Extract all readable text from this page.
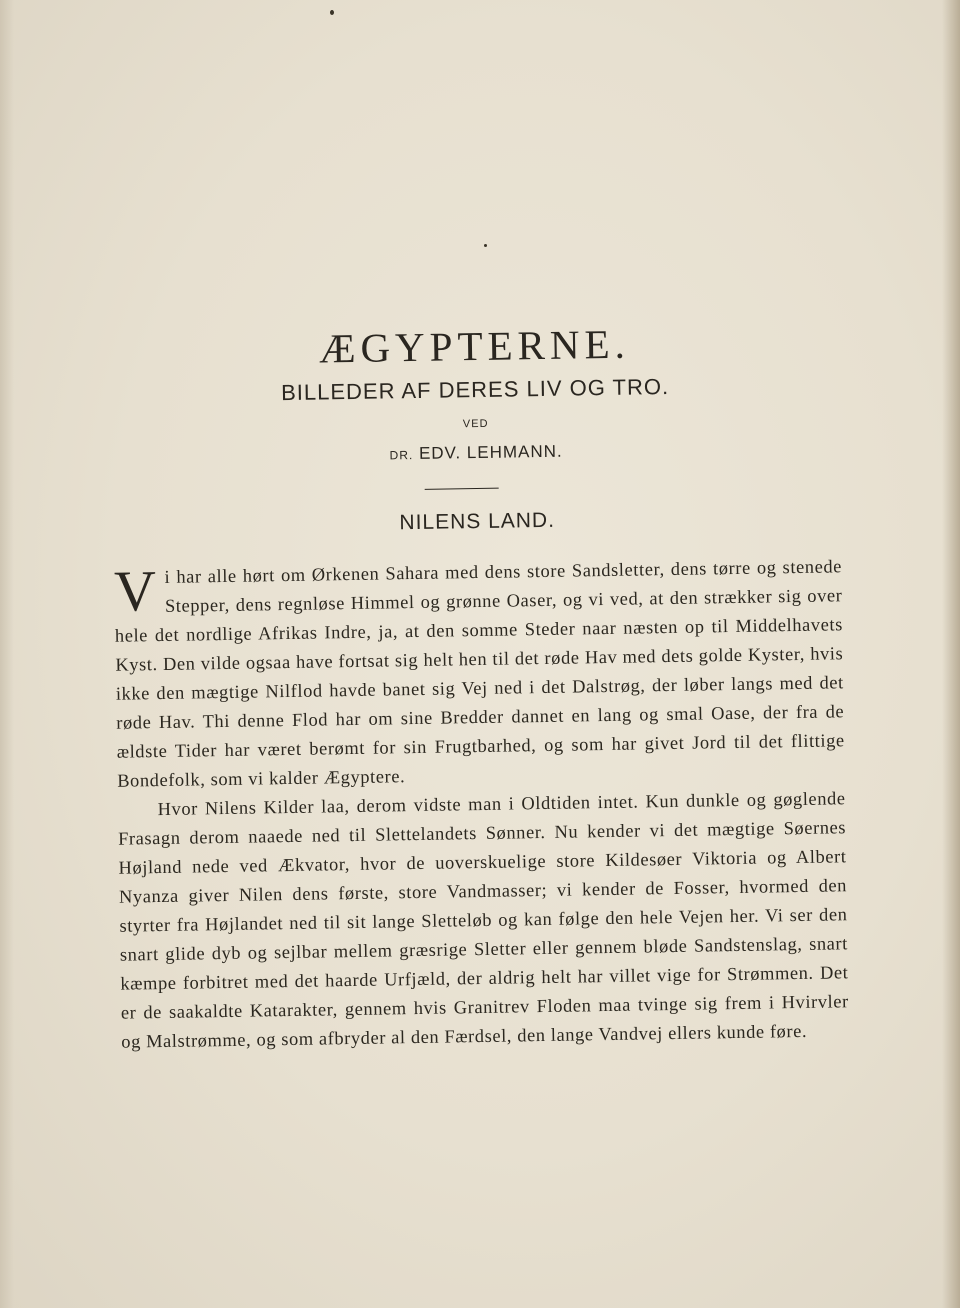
ÆGYPTERNE.
BILLEDER AF DERES LIV OG TRO.
VED
DR. EDV. LEHMANN.
NILENS LAND.

Vi har alle hørt om Ørkenen Sahara med dens store Sandsletter, dens tørre og stenede Stepper, dens regnløse Himmel og grønne Oaser, og vi ved, at den strækker sig over hele det nordlige Afrikas Indre, ja, at den somme Steder naar næsten op til Middelhavets Kyst. Den vilde ogsaa have fortsat sig helt hen til det røde Hav med dets golde Kyster, hvis ikke den mægtige Nilflod havde banet sig Vej ned i det Dalstrøg, der løber langs med det røde Hav. Thi denne Flod har om sine Bredder dannet en lang og smal Oase, der fra de ældste Tider har været berømt for sin Frugtbarhed, og som har givet Jord til det flittige Bondefolk, som vi kalder Ægyptere.

Hvor Nilens Kilder laa, derom vidste man i Oldtiden intet. Kun dunkle og gøglende Frasagn derom naaede ned til Slettelandets Sønner. Nu kender vi det mægtige Søernes Højland nede ved Ækvator, hvor de uoverskuelige store Kildesøer Viktoria og Albert Nyanza giver Nilen dens første, store Vandmasser; vi kender de Fosser, hvormed den styrter fra Højlandet ned til sit lange Sletteløb og kan følge den hele Vejen her. Vi ser den snart glide dyb og sejlbar mellem græsrige Sletter eller gennem bløde Sandstenslag, snart kæmpe forbitret med det haarde Urfjæld, der aldrig helt har villet vige for Strømmen. Det er de saakaldte Katarakter, gennem hvis Granitrev Floden maa tvinge sig frem i Hvirvler og Malstrømme, og som afbryder al den Færdsel, den lange Vandvej ellers kunde føre.
